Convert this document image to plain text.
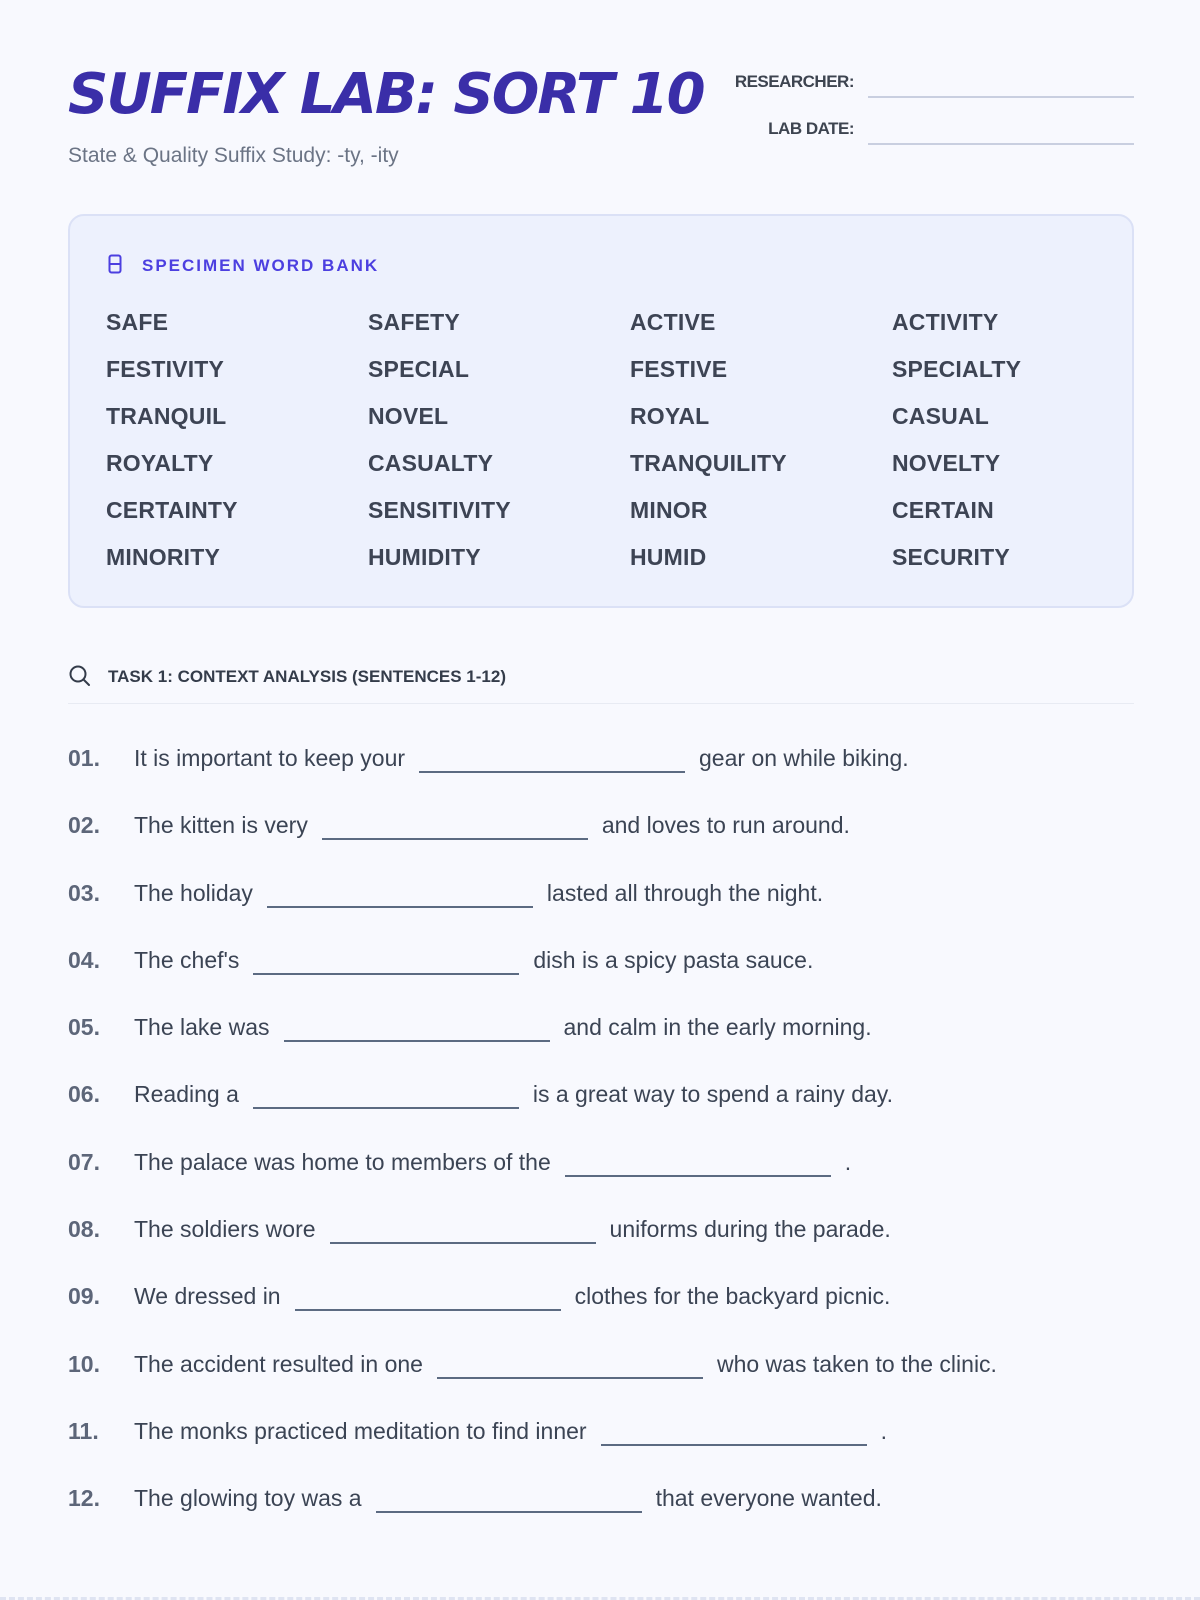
SUFFIX LAB: SORT 10
State & Quality Suffix Study: -ty, -ity
RESEARCHER:
LAB DATE:
SPECIMEN WORD BANK
SAFE	SAFETY	ACTIVE	ACTIVITY
FESTIVITY	SPECIAL	FESTIVE	SPECIALTY
TRANQUIL	NOVEL	ROYAL	CASUAL
ROYALTY	CASUALTY	TRANQUILITY	NOVELTY
CERTAINTY	SENSITIVITY	MINOR	CERTAIN
MINORITY	HUMIDITY	HUMID	SECURITY
TASK 1: CONTEXT ANALYSIS (SENTENCES 1-12)
01.	It is important to keep your	gear on while biking.
02.	The kitten is very	and loves to run around.
03.	The holiday	lasted all through the night.
04.	The chef's	dish is a spicy pasta sauce.
05.	The lake was	and calm in the early morning.
06.	Reading a	is a great way to spend a rainy day.
07.	The palace was home to members of the	.
08.	The soldiers wore	uniforms during the parade.
09.	We dressed in	clothes for the backyard picnic.
10.	The accident resulted in one	who was taken to the clinic.
11.	The monks practiced meditation to find inner	.
12.	The glowing toy was a	that everyone wanted.
